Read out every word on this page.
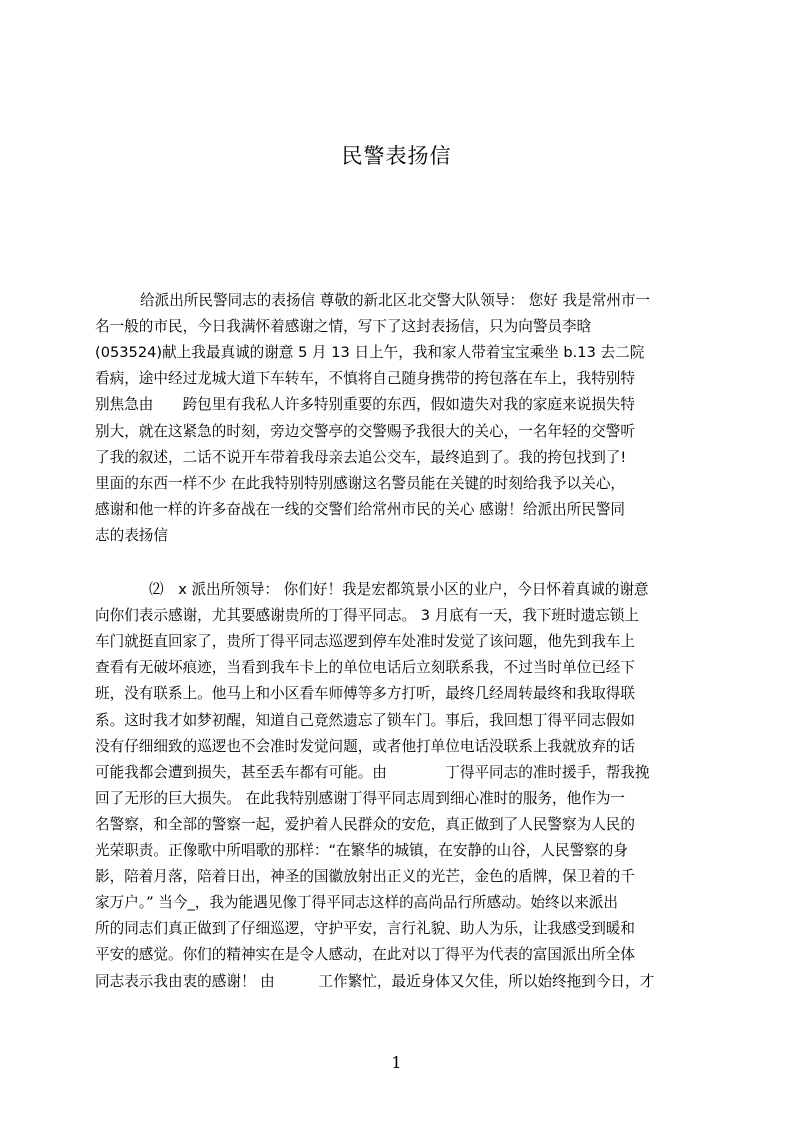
民警表扬信
给派出所民警同志的表扬信 尊敬的新北区北交警大队领导： 您好 我是常州市一
名一般的市民，今日我满怀着感谢之情，写下了这封表扬信，只为向警员李晗
(053524)献上我最真诚的谢意 5 月 13 日上午，我和家人带着宝宝乘坐 b.13 去二院
看病，途中经过龙城大道下车转车，不慎将自己随身携带的挎包落在车上，我特别特
别焦急由　　跨包里有我私人许多特别重要的东西，假如遗失对我的家庭来说损失特
别大，就在这紧急的时刻，旁边交警亭的交警赐予我很大的关心，一名年轻的交警听
了我的叙述，二话不说开车带着我母亲去追公交车，最终追到了。我的挎包找到了!
里面的东西一样不少 在此我特别特别感谢这名警员能在关键的时刻给我予以关心，
感谢和他一样的许多奋战在一线的交警们给常州市民的关心 感谢！给派出所民警同
志的表扬信
⑵　x 派出所领导： 你们好！我是宏都筑景小区的业户，今日怀着真诚的谢意
向你们表示感谢，尤其要感谢贵所的丁得平同志。 3 月底有一天，我下班时遗忘锁上
车门就挺直回家了，贵所丁得平同志巡逻到停车处准时发觉了该问题，他先到我车上
查看有无破坏痕迹，当看到我车卡上的单位电话后立刻联系我，不过当时单位已经下
班，没有联系上。他马上和小区看车师傅等多方打听，最终几经周转最终和我取得联
系。这时我才如梦初醒，知道自己竟然遗忘了锁车门。事后，我回想丁得平同志假如
没有仔细细致的巡逻也不会准时发觉问题，或者他打单位电话没联系上我就放弃的话
可能我都会遭到损失，甚至丢车都有可能。由　　　　丁得平同志的准时援手，帮我挽
回了无形的巨大损失。 在此我特别感谢丁得平同志周到细心准时的服务，他作为一
名警察，和全部的警察一起，爱护着人民群众的安危，真正做到了人民警察为人民的
光荣职责。正像歌中所唱歌的那样：“在繁华的城镇，在安静的山谷，人民警察的身
影，陪着月落，陪着日出，神圣的国徽放射出正义的光芒，金色的盾牌，保卫着的千
家万户。” 当今_，我为能遇见像丁得平同志这样的高尚品行所感动。始终以来派出
所的同志们真正做到了仔细巡逻，守护平安，言行礼貌、助人为乐，让我感受到暖和
平安的感觉。你们的精神实在是令人感动，在此对以丁得平为代表的富国派出所全体
同志表示我由衷的感谢！ 由　　　工作繁忙，最近身体又欠佳，所以始终拖到今日，才
1
